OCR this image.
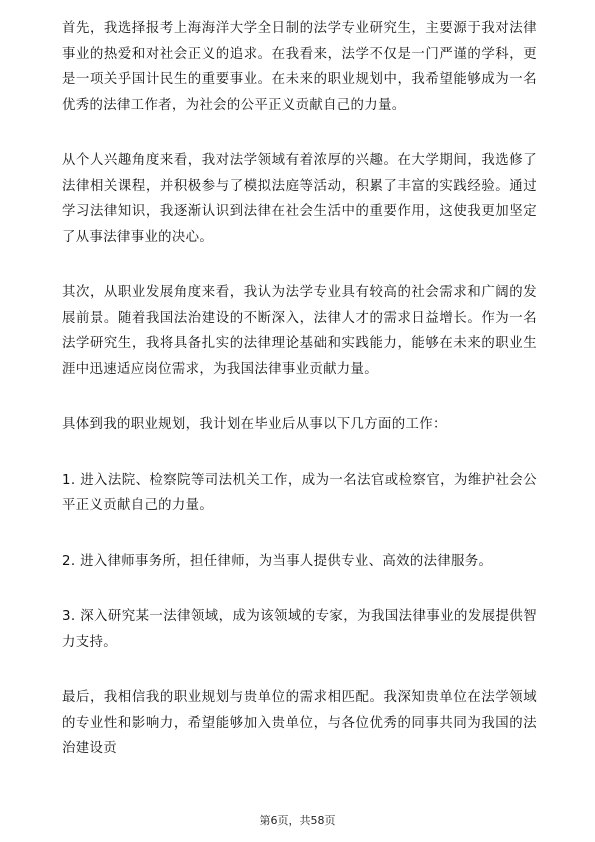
首先，我选择报考上海海洋大学全日制的法学专业研究生，主要源于我对法律事业的热爱和对社会正义的追求。在我看来，法学不仅是一门严谨的学科，更是一项关乎国计民生的重要事业。在未来的职业规划中，我希望能够成为一名优秀的法律工作者，为社会的公平正义贡献自己的力量。

从个人兴趣角度来看，我对法学领域有着浓厚的兴趣。在大学期间，我选修了法律相关课程，并积极参与了模拟法庭等活动，积累了丰富的实践经验。通过学习法律知识，我逐渐认识到法律在社会生活中的重要作用，这使我更加坚定了从事法律事业的决心。

其次，从职业发展角度来看，我认为法学专业具有较高的社会需求和广阔的发展前景。随着我国法治建设的不断深入，法律人才的需求日益增长。作为一名法学研究生，我将具备扎实的法律理论基础和实践能力，能够在未来的职业生涯中迅速适应岗位需求，为我国法律事业贡献力量。

具体到我的职业规划，我计划在毕业后从事以下几方面的工作：

1. 进入法院、检察院等司法机关工作，成为一名法官或检察官，为维护社会公平正义贡献自己的力量。

2. 进入律师事务所，担任律师，为当事人提供专业、高效的法律服务。

3. 深入研究某一法律领域，成为该领域的专家，为我国法律事业的发展提供智力支持。

最后，我相信我的职业规划与贵单位的需求相匹配。我深知贵单位在法学领域的专业性和影响力，希望能够加入贵单位，与各位优秀的同事共同为我国的法治建设贡

第6页，共58页
